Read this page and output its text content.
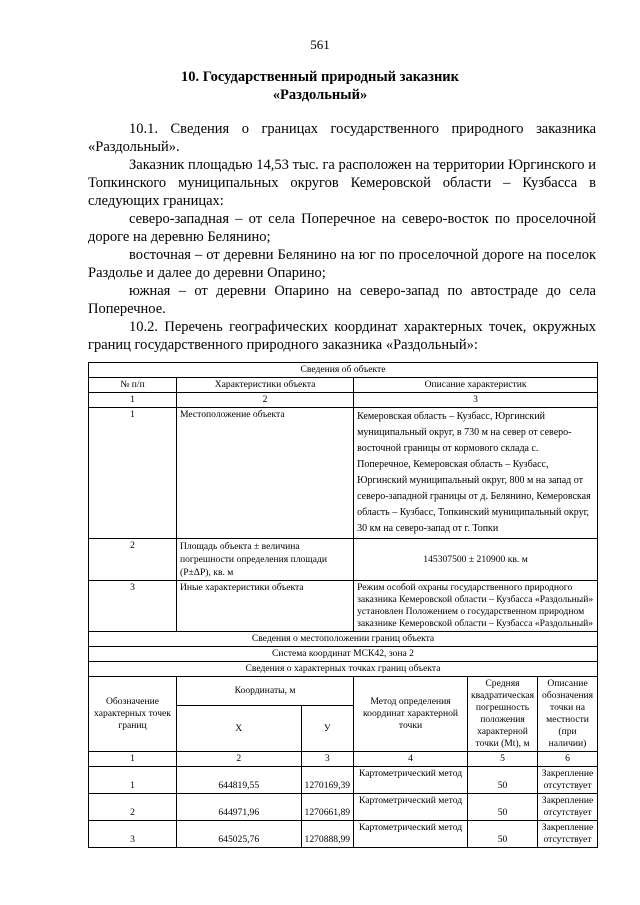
561
10. Государственный природный заказник
«Раздольный»

10.1. Сведения о границах государственного природного заказника «Раздольный».

Заказник площадью 14,53 тыс. га расположен на территории Юргинского и Топкинского муниципальных округов Кемеровской области – Кузбасса в следующих границах:

северо-западная – от села Поперечное на северо-восток по проселочной дороге на деревню Белянино;

восточная – от деревни Белянино на юг по проселочной дороге на поселок Раздолье и далее до деревни Опарино;

южная – от деревни Опарино на северо-запад по автостраде до села Поперечное.

10.2. Перечень географических координат характерных точек, окружных границ государственного природного заказника «Раздольный»:

Сведения об объекте					
№ п/п	Характеристики объекта		Описание характеристик		
1	2		3		
1	Местоположение объекта		Кемеровская область – Кузбасс, Юргинский муниципальный округ, в 730 м на север от северо-восточной границы от кормового склада с. Поперечное, Кемеровская область – Кузбасс, Юргинский муниципальный округ, 800 м на запад от северо-западной границы от д. Белянино, Кемеровская область – Кузбасс, Топкинский муниципальный округ, 30 км на северо-запад от г. Топки		
2	Площадь объекта ± величина погрешности определения площади (Р±ΔР), кв. м		145307500 ± 210900 кв. м		
3	Иные характеристики объекта		Режим особой охраны государственного природного заказника Кемеровской области – Кузбасса «Раздольный» установлен Положением о государственном природном заказнике Кемеровской области – Кузбасса «Раздольный»		
Сведения о местоположении границ объекта					
Система координат МСК42, зона 2					
Сведения о характерных точках границ объекта					
Обозначение характерных точек границ	Координаты, м		Метод определения координат характерной точки	Средняя квадратическая погрешность положения характерной точки (Mt), м	Описание обозначения точки на местности (при наличии)
	X	У			
1	2	3	4	5	6
1	644819,55	1270169,39	Картометрический метод	50	Закрепление отсутствует
2	644971,96	1270661,89	Картометрический метод	50	Закрепление отсутствует
3	645025,76	1270888,99	Картометрический метод	50	Закрепление отсутствует
